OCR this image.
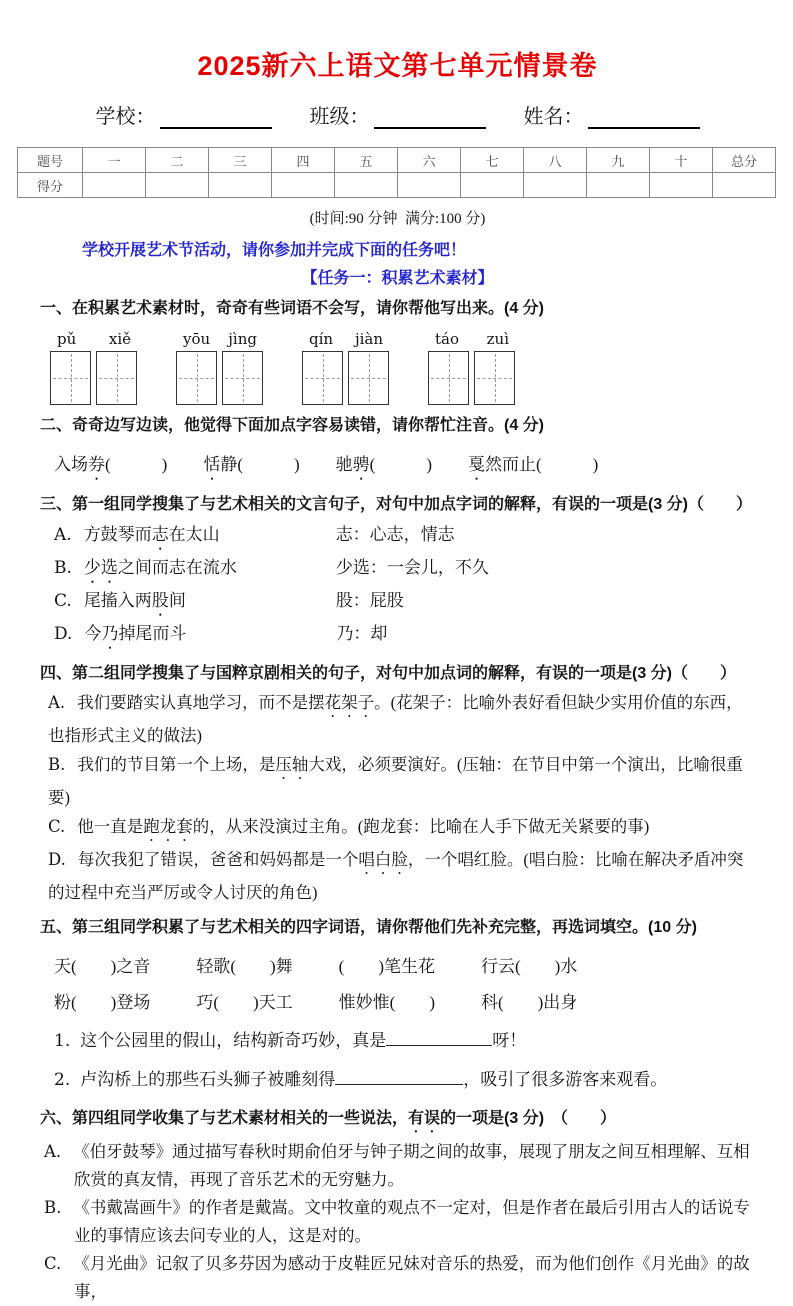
2025新六上语文第七单元情景卷
学校：	班级：	姓名：
题号	一	二	三	四	五	六	七	八	九	十	总分
得分											
(时间:90 分钟  满分:100 分)
学校开展艺术节活动，请你参加并完成下面的任务吧！
【任务一：积累艺术素材】
一、在积累艺术素材时，奇奇有些词语不会写，请你帮他写出来。(4 分)
pǔ xiě	yōu jìng	qín jiàn	táo zuì
二、奇奇边写边读，他觉得下面加点字容易读错，请你帮忙注音。(4 分)
入场券(　　　) 恬静(　　　) 驰骋(　　　) 戛然而止(　　　)
三、第一组同学搜集了与艺术相关的文言句子，对句中加点字词的解释，有误的一项是(3 分)（　　）
A. 方鼓琴而志在太山	志：心志，情志
B. 少选之间而志在流水	少选：一会儿，不久
C. 尾搐入两股间	股：屁股
D. 今乃掉尾而斗	乃：却
四、第二组同学搜集了与国粹京剧相关的句子，对句中加点词的解释，有误的一项是(3 分)（　　）
A. 我们要踏实认真地学习，而不是摆花架子。(花架子：比喻外表好看但缺少实用价值的东西，也指形式主义的做法)
B. 我们的节目第一个上场，是压轴大戏，必须要演好。(压轴：在节目中第一个演出，比喻很重要)
C. 他一直是跑龙套的，从来没演过主角。(跑龙套：比喻在人手下做无关紧要的事)
D. 每次我犯了错误，爸爸和妈妈都是一个唱白脸，一个唱红脸。(唱白脸：比喻在解决矛盾冲突的过程中充当严厉或令人讨厌的角色)
五、第三组同学积累了与艺术相关的四字词语，请你帮他们先补充完整，再选词填空。(10 分)
天(　　)之音	轻歌(　　)舞	(　　)笔生花	行云(　　)水
粉(　　)登场	巧(　　)天工	惟妙惟(　　)	科(　　)出身
1. 这个公园里的假山，结构新奇巧妙，真是	呀！
2. 卢沟桥上的那些石头狮子被雕刻得	，吸引了很多游客来观看。
六、第四组同学收集了与艺术素材相关的一些说法，有误的一项是(3 分)　（　　）
A. 《伯牙鼓琴》通过描写春秋时期俞伯牙与钟子期之间的故事，展现了朋友之间互相理解、互相欣赏的真友情，再现了音乐艺术的无穷魅力。
B. 《书戴嵩画牛》的作者是戴嵩。文中牧童的观点不一定对，但是作者在最后引用古人的话说专业的事情应该去问专业的人，这是对的。
C. 《月光曲》记叙了贝多芬因为感动于皮鞋匠兄妹对音乐的热爱，而为他们创作《月光曲》的故事，
